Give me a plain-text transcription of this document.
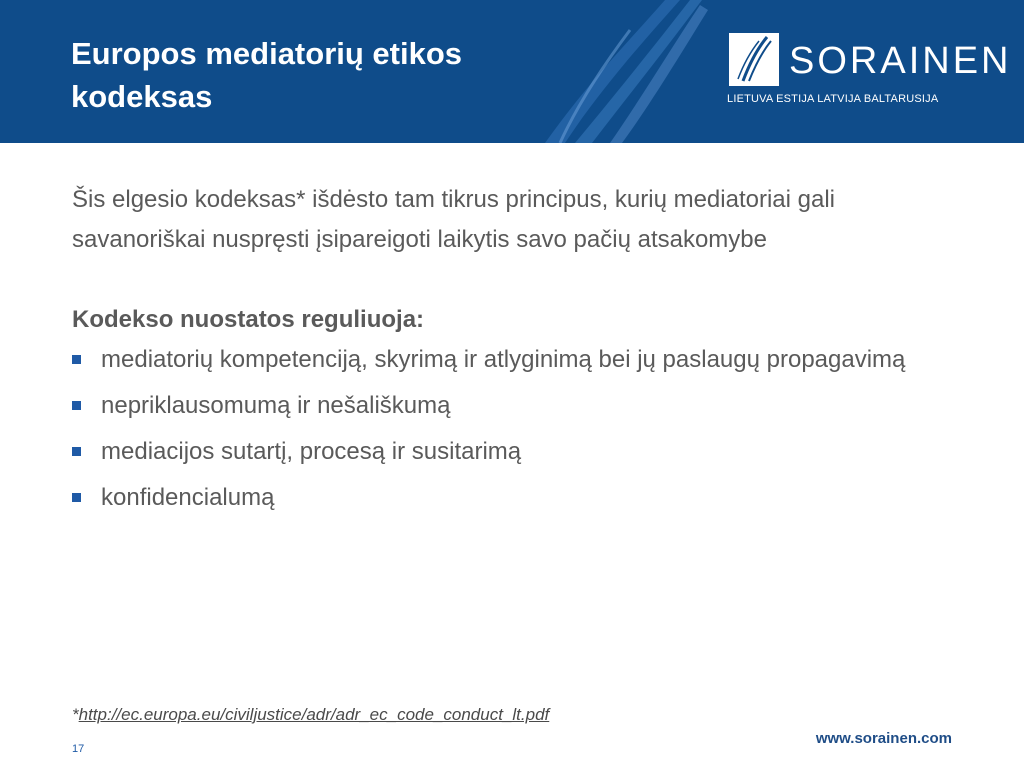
Europos mediatorių etikos kodeksas
SORAINEN
LIETUVA ESTIJA LATVIJA BALTARUSIJA

Šis elgesio kodeksas* išdėsto tam tikrus principus, kurių mediatoriai gali savanoriškai nuspręsti įsipareigoti laikytis savo pačių atsakomybe

Kodekso nuostatos reguliuoja:

mediatorių kompetenciją, skyrimą ir atlyginimą bei jų paslaugų propagavimą
nepriklausomumą ir nešališkumą
mediacijos sutartį, procesą ir susitarimą
konfidencialumą
*http://ec.europa.eu/civiljustice/adr/adr_ec_code_conduct_lt.pdf
17
www.sorainen.com
